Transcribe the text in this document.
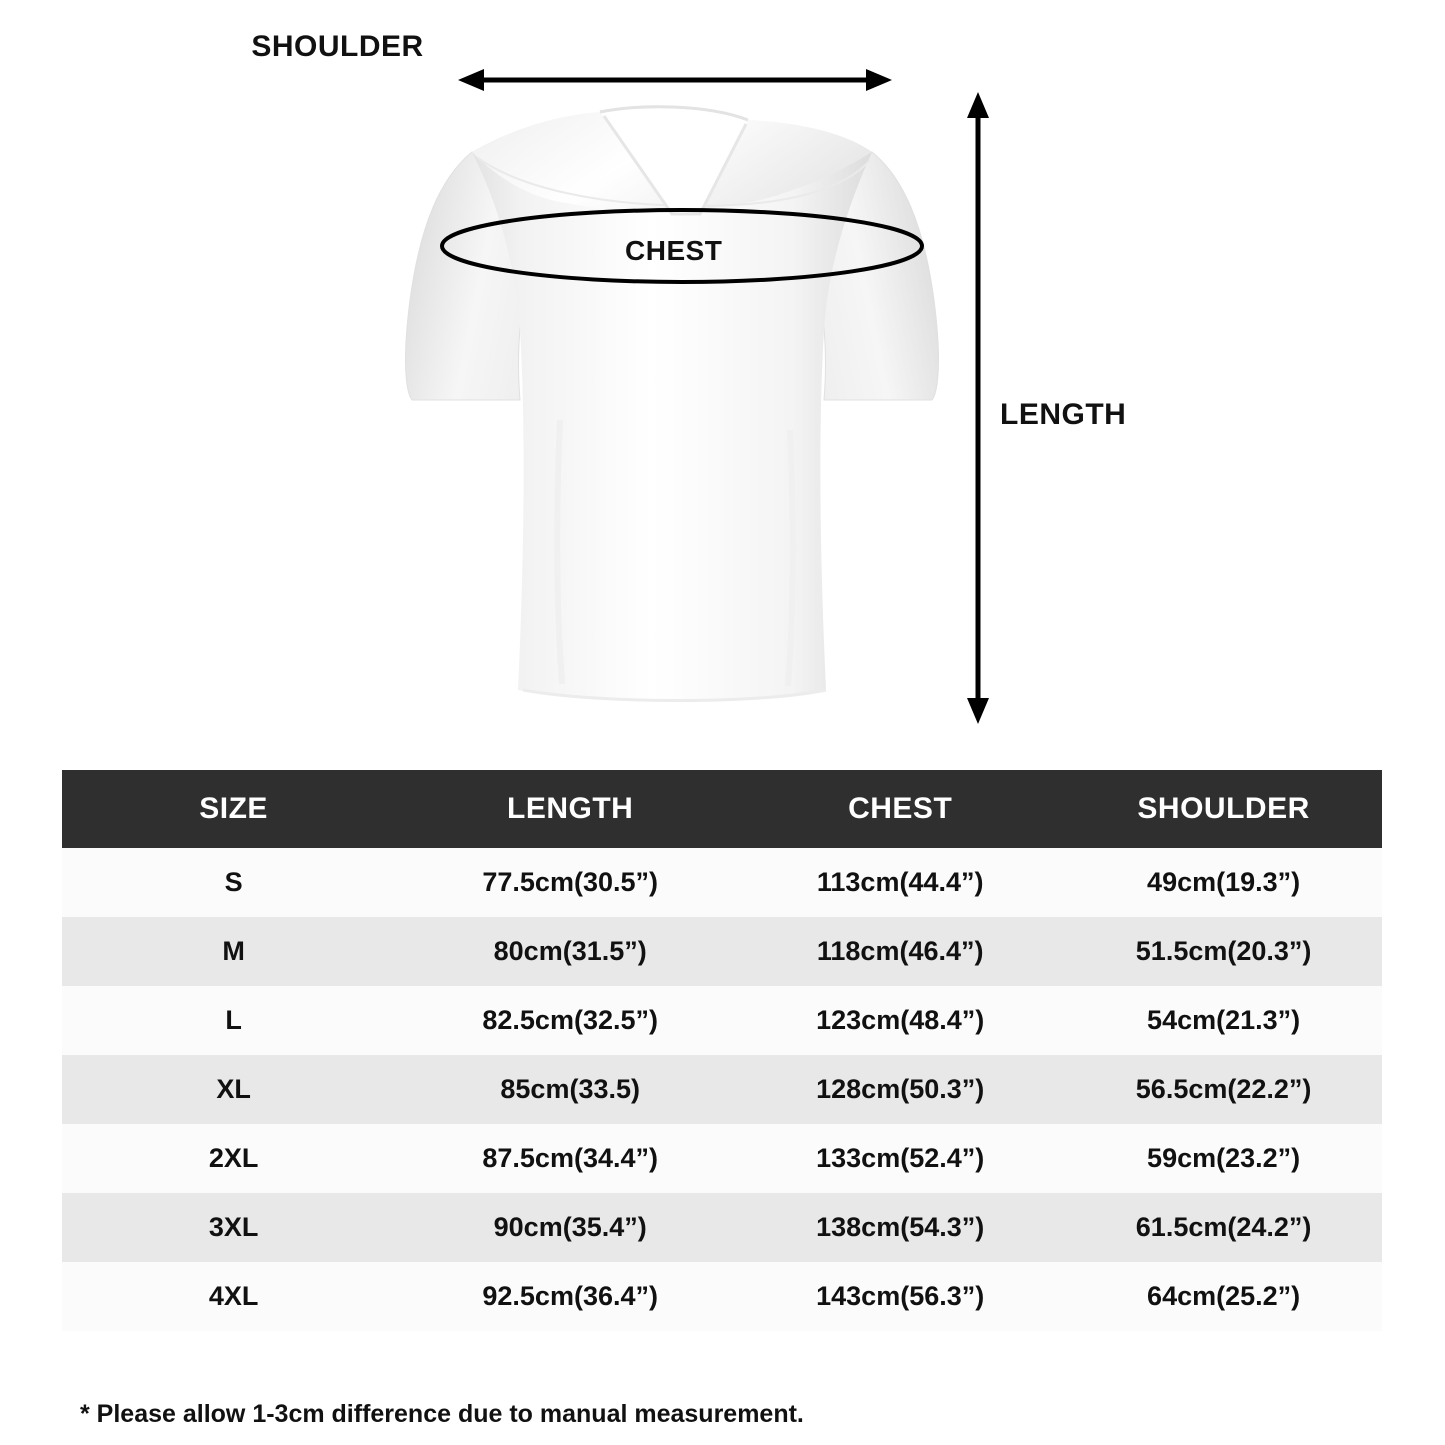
SHOULDER
LENGTH
CHEST
SIZE	LENGTH	CHEST	SHOULDER
S	77.5cm(30.5”)	113cm(44.4”)	49cm(19.3”)
M	80cm(31.5”)	118cm(46.4”)	51.5cm(20.3”)
L	82.5cm(32.5”)	123cm(48.4”)	54cm(21.3”)
XL	85cm(33.5)	128cm(50.3”)	56.5cm(22.2”)
2XL	87.5cm(34.4”)	133cm(52.4”)	59cm(23.2”)
3XL	90cm(35.4”)	138cm(54.3”)	61.5cm(24.2”)
4XL	92.5cm(36.4”)	143cm(56.3”)	64cm(25.2”)
* Please allow 1-3cm difference due to manual measurement.
